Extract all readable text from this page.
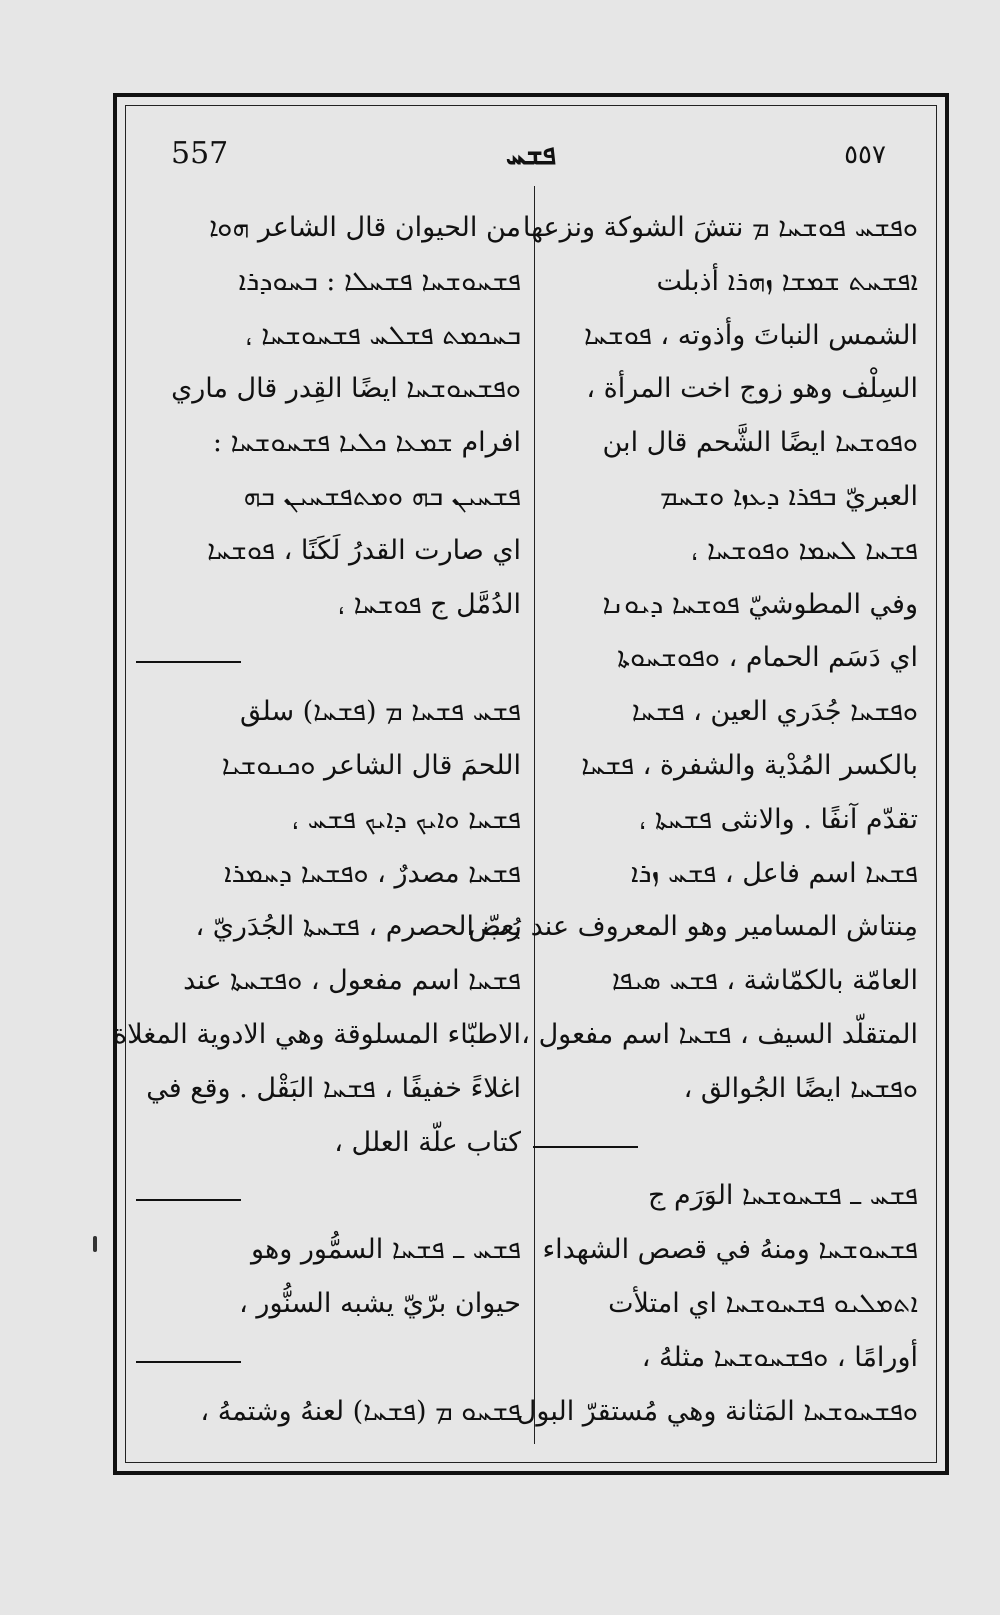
557	ܦܫܚ	٥٥٧
ܘܦܫܚ ܦܘܫܚܐ ܡ نتشَ الشوكة ونزعها ،
ܐܦܫܚܬ ܫܡܫܐ ܙܗܪܐ أذبلت
الشمس النباتَ وأذوته ، ܦܘܫܚܐ
السِلْف وهو زوج اخت المرأة ،
ܘܦܘܫܚܐ ايضًا الشَّحم قال ابن
العبريّ ܒܦܪܐ ܕܥܙܐ ܘܫܚܡ
ܦܫܚܐ ܠܚܡܐ ܘܦܘܫܚܐ ،
وفي المطوشيّ ܦܘܫܚܐ ܕܝܘܢܐ
اي دَسَم الحمام ، ܘܦܘܫܚܘܬܐ
ܘܦܫܚܐ جُدَري العين ، ܦܫܚܐ
بالكسر المُدْية والشفرة ، ܦܫܚܐ
تقدّم آنفًا . والانثى ܦܫܚܬܐ ،
ܦܫܚܐ اسم فاعل ، ܦܫܚ ܙܪܐ
مِنتاش المسامير وهو المعروف عند بعض
العامّة بالكمّاشة ، ܦܫܚ ܣܝܦܐ
المتقلّد السيف ، ܦܫܚܐ اسم مفعول ،
ܘܦܫܚܐ ايضًا الجُوالق ،
ܦܫܚ ـ ܦܫܚܘܫܚܐ الوَرَم ج
ܦܫܚܘܫܚܐ ومنهُ في قصص الشهداء
ܐܬܡܠܝܘ ܦܫܚܘܫܚܐ اي امتلأت
أورامًا ، ܘܦܫܚܘܫܚܐ مثلهُ ،
ܘܦܫܚܘܫܚܐ المَثانة وهي مُستقرّ البول
من الحيوان قال الشاعر ܗܘܐ
ܦܫܚܘܫܚܐ ܦܫܚܠܐ : ܒܚܘܕܪܐ
ܒܚܟܡܬ ܦܫܠܚ ܦܫܚܘܫܚܐ ،
ܘܦܫܚܘܫܚܐ ايضًا القِدر قال ماري
افرام ܫܡܥܐ ܟܠܝܐ ܦܫܚܘܫܚܐ :
ܦܫܚܝܢ ܒܗ ܘܡܬܦܫܚܝܢ ܒܗ
اي صارت القدرُ لَكَنًا ، ܦܘܫܚܐ
الدُمَّل ج ܦܘܫܚܐ ،
ܦܫܚ ܦܫܚܐ ܡ (ܦܫܚܐ) سلق
اللحمَ قال الشاعر ܘܟܢܘܫܝܐ
ܦܫܚܐ ܘܐܝܟ ܕܐܝܟ ܦܫܚ ،
ܦܫܚܐ مصدرٌ ، ܘܦܫܚܐ ܕܚܡܪܐ
رُبّ الحصرم ، ܦܫܚܬܐ الجُدَريّ ،
ܦܫܚܐ اسم مفعول ، ܘܦܫܚܬܐ عند
الاطبّاء المسلوقة وهي الادوية المغلاة
اغلاءً خفيفًا ، ܦܫܚܐ البَقْل . وقع في
كتاب علّة العلل ،
ܦܫܚ ـ ܦܫܚܐ السمُّور وهو
حيوان برّيّ يشبه السنُّور ،
ܦܫܚܘ ܡ (ܦܫܚܐ) لعنهُ وشتمهُ ،
